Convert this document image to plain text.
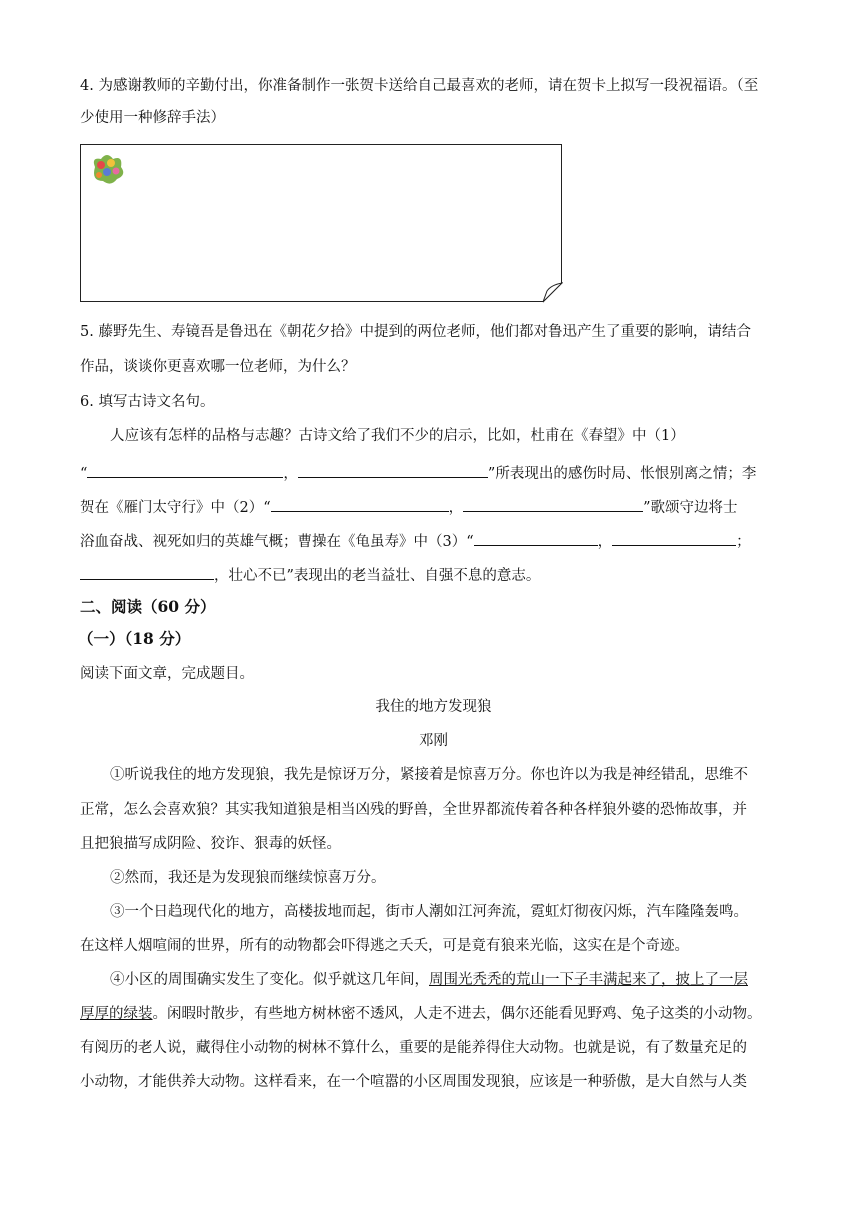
4. 为感谢教师的辛勤付出，你准备制作一张贺卡送给自己最喜欢的老师，请在贺卡上拟写一段祝福语。（至
少使用一种修辞手法）
5. 藤野先生、寿镜吾是鲁迅在《朝花夕拾》中提到的两位老师，他们都对鲁迅产生了重要的影响，请结合
作品，谈谈你更喜欢哪一位老师，为什么？
6. 填写古诗文名句。
人应该有怎样的品格与志趣？古诗文给了我们不少的启示，比如，杜甫在《春望》中（1）
“	，	”所表现出的感伤时局、怅恨别离之情；李
贺在《雁门太守行》中（2）“	，	”歌颂守边将士
浴血奋战、视死如归的英雄气概；曹操在《龟虽寿》中（3）“	，	；
，壮心不已”表现出的老当益壮、自强不息的意志。
二、阅读（60 分）
（一）（18 分）
阅读下面文章，完成题目。
我住的地方发现狼
邓刚
①听说我住的地方发现狼，我先是惊讶万分，紧接着是惊喜万分。你也许以为我是神经错乱，思维不
正常，怎么会喜欢狼？其实我知道狼是相当凶残的野兽，全世界都流传着各种各样狼外婆的恐怖故事，并
且把狼描写成阴险、狡诈、狠毒的妖怪。
②然而，我还是为发现狼而继续惊喜万分。
③一个日趋现代化的地方，高楼拔地而起，街市人潮如江河奔流，霓虹灯彻夜闪烁，汽车隆隆轰鸣。
在这样人烟喧闹的世界，所有的动物都会吓得逃之夭夭，可是竟有狼来光临，这实在是个奇迹。
④小区的周围确实发生了变化。似乎就这几年间，周围光秃秃的荒山一下子丰满起来了，披上了一层
厚厚的绿装。闲暇时散步，有些地方树林密不透风，人走不进去，偶尔还能看见野鸡、兔子这类的小动物。
有阅历的老人说，藏得住小动物的树林不算什么，重要的是能养得住大动物。也就是说，有了数量充足的
小动物，才能供养大动物。这样看来，在一个喧嚣的小区周围发现狼，应该是一种骄傲，是大自然与人类
